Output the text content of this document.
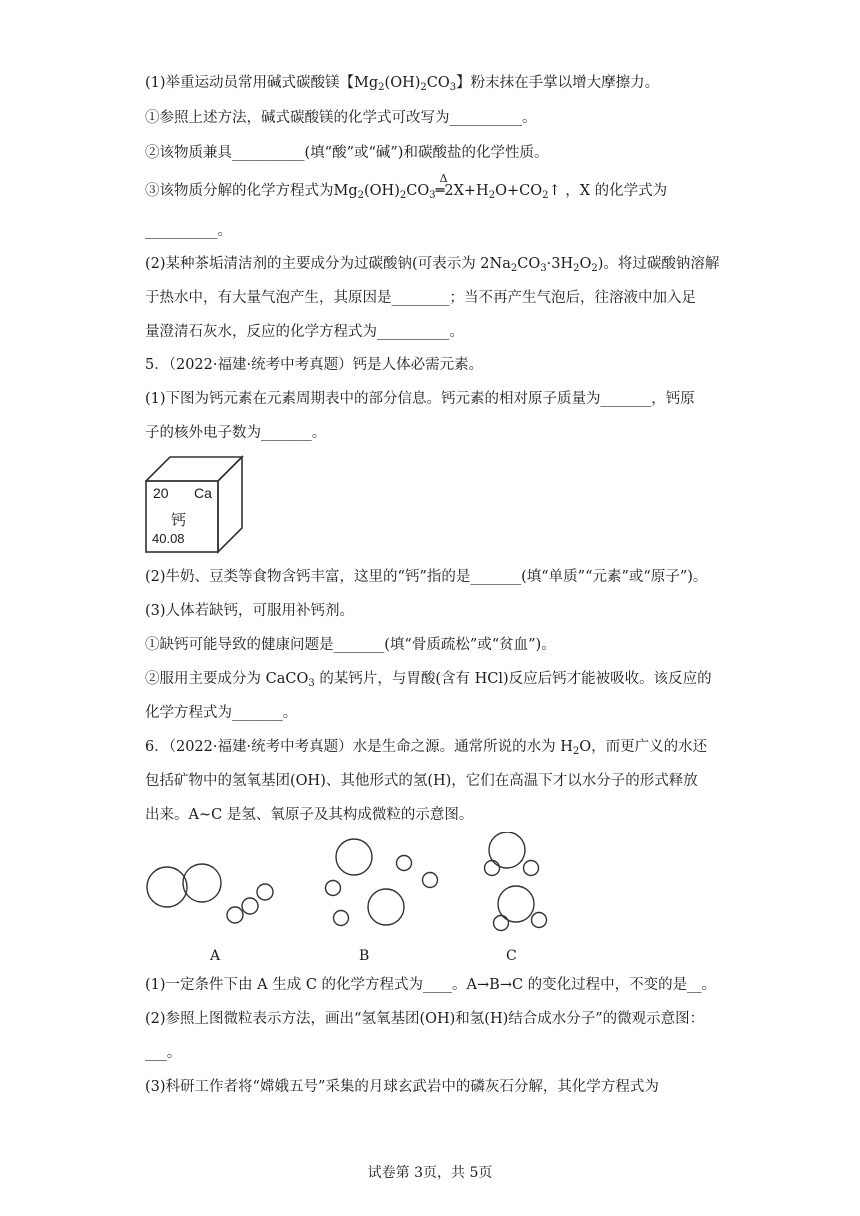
(1)举重运动员常用碱式碳酸镁【$Mg_2(OH)_2CO_3$】粉末抹在手掌以增大摩擦力。
①参照上述方法，碱式碳酸镁的化学式可改写为__________。
②该物质兼具__________(填“酸”或“碱”)和碳酸盐的化学性质。
③该物质分解的化学方程式为$Mg_2(OH)_2CO_3$
Δ
$═2X+H_2O+CO_2↑$ ，X 的化学式为
__________。
(2)某种茶垢清洁剂的主要成分为过碳酸钠(可表示为 $2Na_2CO_3\cdot 3H_2O_2$)。将过碳酸钠溶解
于热水中，有大量气泡产生，其原因是________；当不再产生气泡后，往溶液中加入足
量澄清石灰水，反应的化学方程式为__________。
5．（2022·福建·统考中考真题）钙是人体必需元素。
(1)下图为钙元素在元素周期表中的部分信息。钙元素的相对原子质量为_______，钙原
子的核外电子数为_______。
20 Ca
钙
40.08
(2)牛奶、豆类等食物含钙丰富，这里的“钙”指的是_______(填“单质”“元素”或“原子”)。
(3)人体若缺钙，可服用补钙剂。
①缺钙可能导致的健康问题是_______(填“骨质疏松”或“贫血”)。
②服用主要成分为 CaCO$_3$ 的某钙片，与胃酸(含有 HCl)反应后钙才能被吸收。该反应的
化学方程式为_______。
6．（2022·福建·统考中考真题）水是生命之源。通常所说的水为 $H_2O$，而更广义的水还
包括矿物中的氢氧基团(OH)、其他形式的氢(H)，它们在高温下才以水分子的形式释放
出来。A~C 是氢、氧原子及其构成微粒的示意图。
A	B	C
(1)一定条件下由 A 生成 C 的化学方程式为____。A→B→C 的变化过程中，不变的是__。
(2)参照上图微粒表示方法，画出“氢氧基团(OH)和氢(H)结合成水分子”的微观示意图：
___。
(3)科研工作者将“嫦娥五号”采集的月球玄武岩中的磷灰石分解，其化学方程式为
试卷第 3页，共 5页
